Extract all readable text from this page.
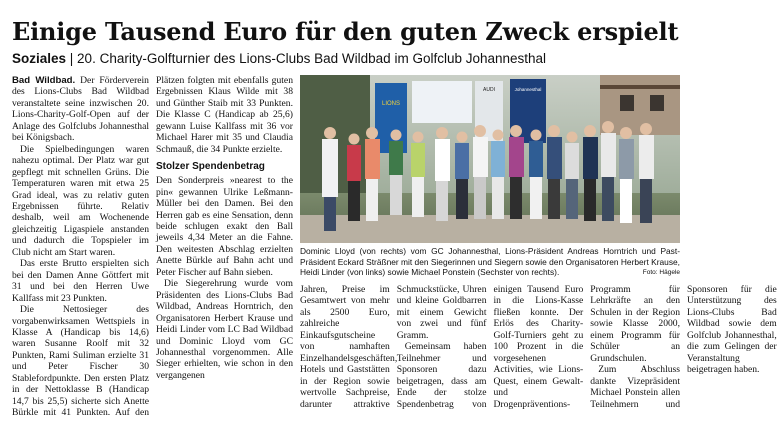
Einige Tausend Euro für den guten Zweck erspielt
Soziales | 20. Charity-Golfturnier des Lions-Clubs Bad Wildbad im Golfclub Johannesthal

Bad Wildbad. Der Förderverein des Lions-Clubs Bad Wildbad veranstaltete seine inzwischen 20. Lions-Charity-Golf-Open auf der Anlage des Golfclubs Johannesthal bei Königsbach.

Die Spielbedingungen waren nahezu optimal. Der Platz war gut gepflegt mit schnellen Grüns. Die Temperaturen waren mit etwa 25 Grad ideal, was zu relativ guten Ergebnissen führte. Relativ deshalb, weil am Wochenende gleichzeitig Ligaspiele anstanden und dadurch die Topspieler im Club nicht am Start waren.

Das erste Brutto erspielten sich bei den Damen Anne Göttfert mit 31 und bei den Herren Uwe Kallfass mit 23 Punkten.

Die Nettosieger des vorgabenwirksamen Wettspiels in Klasse A (Handicap bis 14,6) waren Susanne Roolf mit 32 Punkten, Rami Suliman erzielte 31 und Peter Fischer 30 Stablefordpunkte. Den ersten Platz in der Nettoklasse B (Handicap 14,7 bis 25,5) sicherte sich Anette Bürkle mit 41 Punkten. Auf den Plätzen folgten mit ebenfalls guten Ergebnissen Klaus Wilde mit 38 und Günther Staib mit 33 Punkten. Die Klasse C (Handicap ab 25,6) gewann Luise Kallfass mit 36 vor Michael Harer mit 35 und Claudia Schmauß, die 34 Punkte erzielte.

Stolzer Spendenbetrag

Den Sonderpreis »nearest to the pin« gewannen Ulrike Leßmann-Müller bei den Damen. Bei den Herren gab es eine Sensation, denn beide schlugen exakt den Ball jeweils 4,34 Meter an die Fahne. Den weitesten Abschlag erzielten Anette Bürkle auf Bahn acht und Peter Fischer auf Bahn sieben.

Die Siegerehrung wurde vom Präsidenten des Lions-Clubs Bad Wildbad, Andreas Horntrich, den Organisatoren Herbert Krause und Heidi Linder vom LC Bad Wildbad und Dominic Lloyd vom GC Johannesthal vorgenommen. Alle Sieger erhielten, wie schon in den vergangenen

LIONS
AUDI	Johannesthal
Dominic Lloyd (von rechts) vom GC Johannesthal, Lions-Präsident Andreas Horntrich und Past-Präsident Eckard Sträßner mit den Siegerinnen und Siegern sowie den Organisatoren Herbert Krause, Heidi Linder (von links) sowie Michael Ponstein (Sechster von rechts).	Foto: Hägele

Jahren, Preise im Gesamtwert von mehr als 2500 Euro, zahlreiche Einkaufsgutscheine von namhaften Einzelhandelsgeschäften, Hotels und Gaststätten in der Region sowie wertvolle Sachpreise, darunter attraktive Schmuckstücke, Uhren und kleine Goldbarren mit einem Gewicht von zwei und fünf Gramm.

Gemeinsam haben Teilnehmer und Sponsoren dazu beigetragen, dass am Ende der stolze Spendenbetrag von einigen Tausend Euro in die Lions-Kasse fließen konnte. Der Erlös des Charity-Golf-Turniers geht zu 100 Prozent in die vorgesehenen Activities, wie Lions-Quest, einem Gewalt- und Drogenpräventions-Programm für Lehrkräfte an den Schulen in der Region sowie Klasse 2000, einem Programm für Schüler an Grundschulen.

Zum Abschluss dankte Vizepräsident Michael Ponstein allen Teilnehmern und Sponsoren für die Unterstützung des Lions-Clubs Bad Wildbad sowie dem Golfclub Johannesthal, die zum Gelingen der Veranstaltung beigetragen haben.
